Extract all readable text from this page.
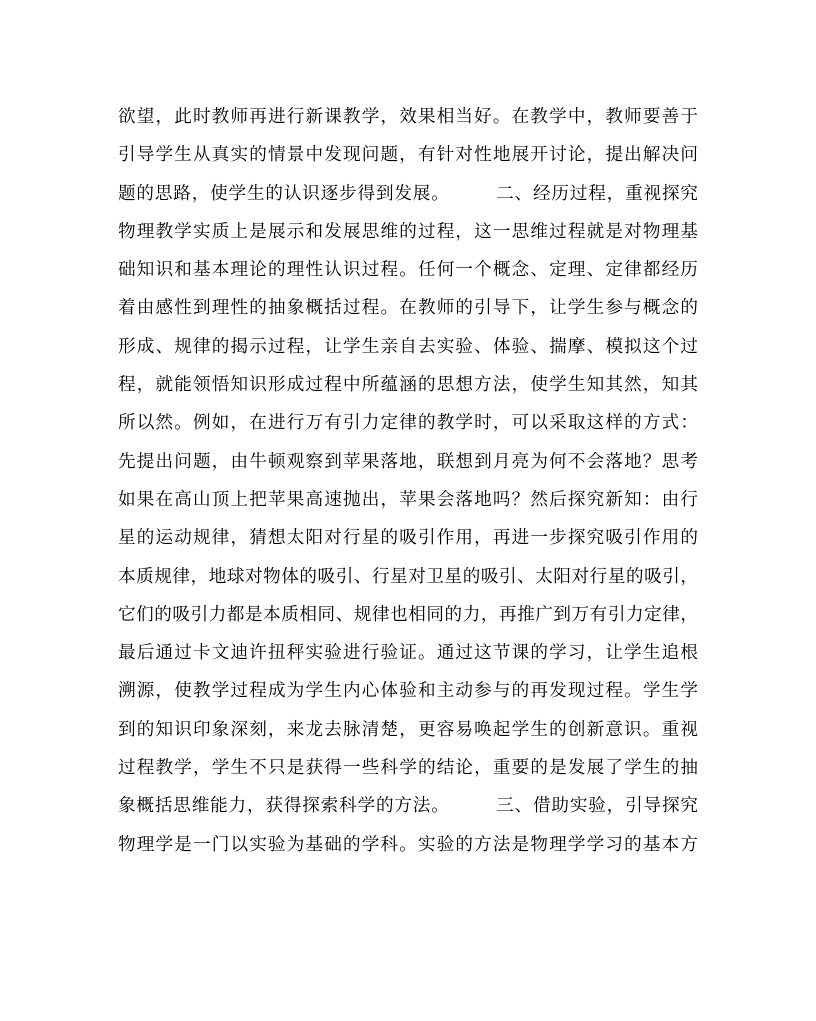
欲望，此时教师再进行新课教学，效果相当好。在教学中，教师要善于
引导学生从真实的情景中发现问题，有针对性地展开讨论，提出解决问
题的思路，使学生的认识逐步得到发展。　　　二、经历过程，重视探究
物理教学实质上是展示和发展思维的过程，这一思维过程就是对物理基
础知识和基本理论的理性认识过程。任何一个概念、定理、定律都经历
着由感性到理性的抽象概括过程。在教师的引导下，让学生参与概念的
形成、规律的揭示过程，让学生亲自去实验、体验、揣摩、模拟这个过
程，就能领悟知识形成过程中所蕴涵的思想方法，使学生知其然，知其
所以然。例如，在进行万有引力定律的教学时，可以采取这样的方式：
先提出问题，由牛顿观察到苹果落地，联想到月亮为何不会落地？思考
如果在高山顶上把苹果高速抛出，苹果会落地吗？然后探究新知：由行
星的运动规律，猜想太阳对行星的吸引作用，再进一步探究吸引作用的
本质规律，地球对物体的吸引、行星对卫星的吸引、太阳对行星的吸引，
它们的吸引力都是本质相同、规律也相同的力，再推广到万有引力定律，
最后通过卡文迪许扭秤实验进行验证。通过这节课的学习，让学生追根
溯源，使教学过程成为学生内心体验和主动参与的再发现过程。学生学
到的知识印象深刻，来龙去脉清楚，更容易唤起学生的创新意识。重视
过程教学，学生不只是获得一些科学的结论，重要的是发展了学生的抽
象概括思维能力，获得探索科学的方法。　　　三、借助实验，引导探究
物理学是一门以实验为基础的学科。实验的方法是物理学学习的基本方
